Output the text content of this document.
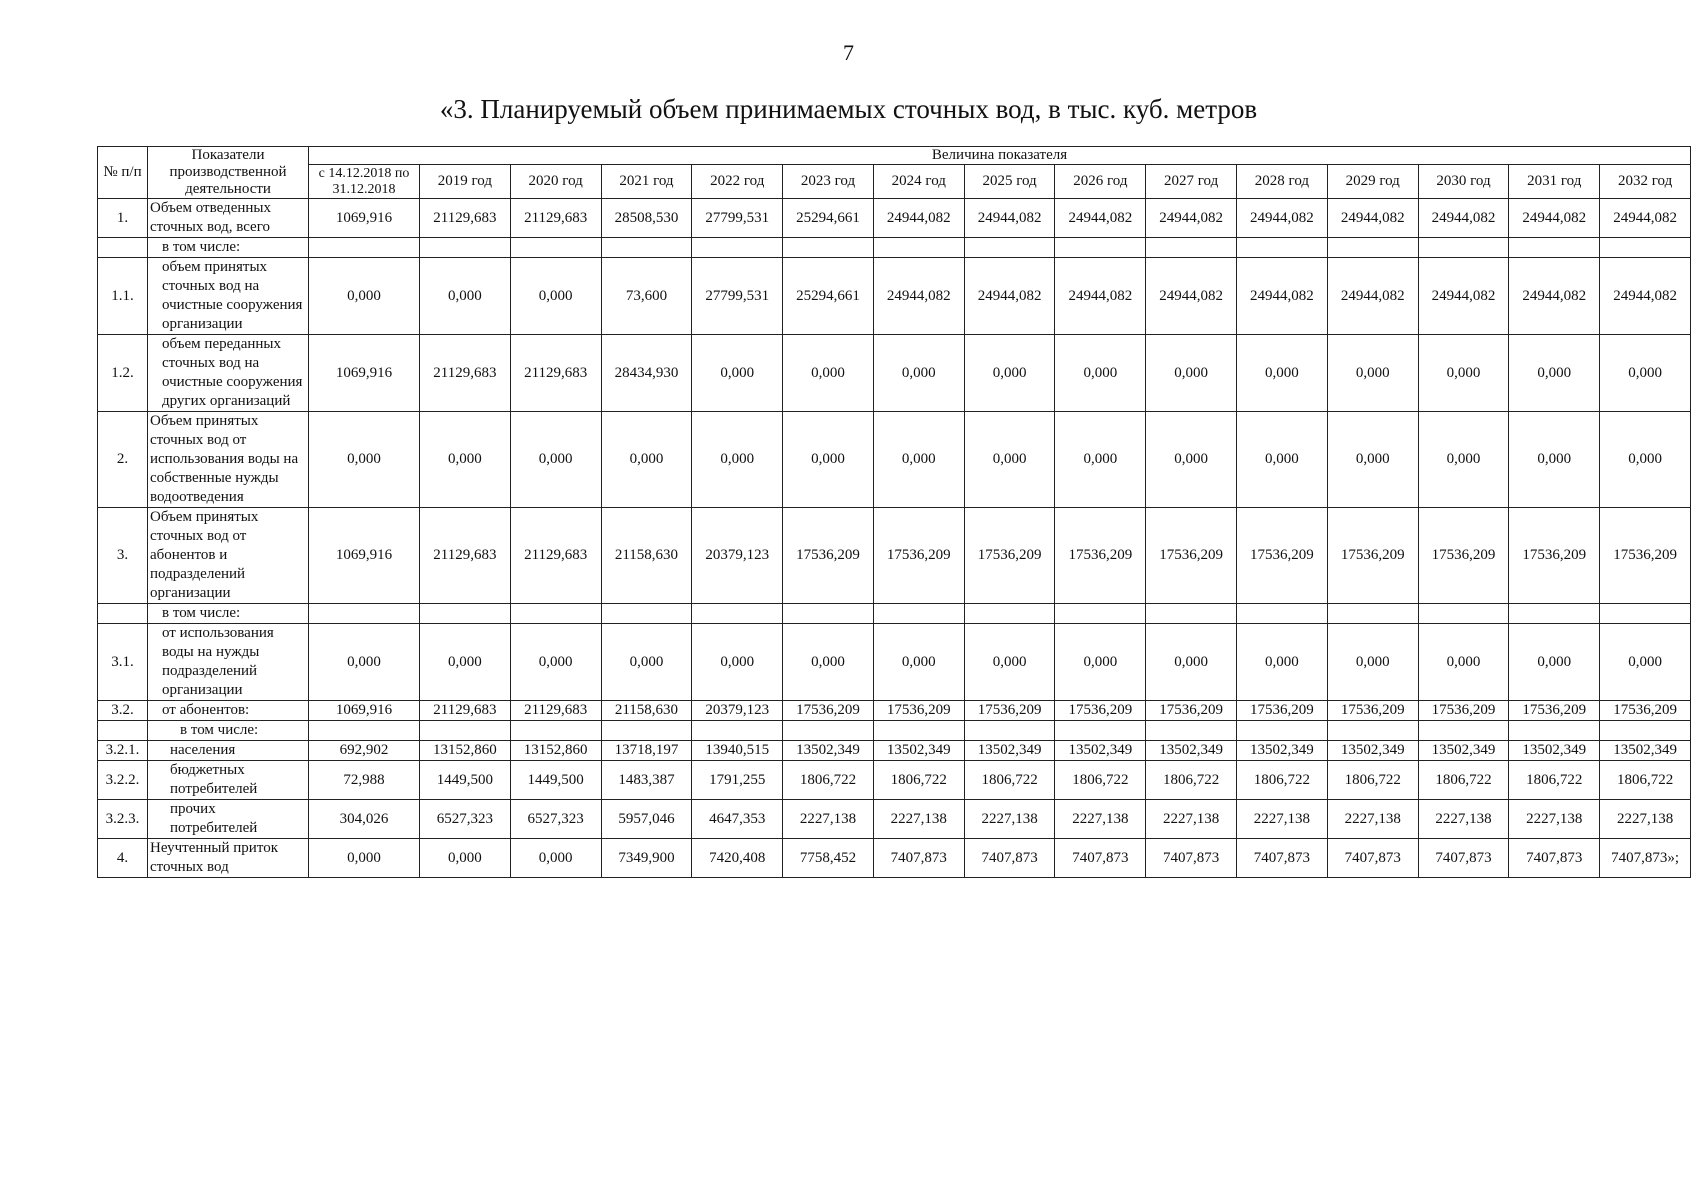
7
«3. Планируемый объем принимаемых сточных вод, в тыс. куб. метров
№ п/п	Показатели производственной деятельности	Величина показателя														
		с 14.12.2018 по 31.12.2018	2019 год	2020 год	2021 год	2022 год	2023 год	2024 год	2025 год	2026 год	2027 год	2028 год	2029 год	2030 год	2031 год	2032 год
1.	Объем отведенных сточных вод, всего	1069,916	21129,683	21129,683	28508,530	27799,531	25294,661	24944,082	24944,082	24944,082	24944,082	24944,082	24944,082	24944,082	24944,082	24944,082
	в том числе:															
1.1.	объем принятых сточных вод на очистные сооружения организации	0,000	0,000	0,000	73,600	27799,531	25294,661	24944,082	24944,082	24944,082	24944,082	24944,082	24944,082	24944,082	24944,082	24944,082
1.2.	объем переданных сточных вод на очистные сооружения других организаций	1069,916	21129,683	21129,683	28434,930	0,000	0,000	0,000	0,000	0,000	0,000	0,000	0,000	0,000	0,000	0,000
2.	Объем принятых сточных вод от использования воды на собственные нужды водоотведения	0,000	0,000	0,000	0,000	0,000	0,000	0,000	0,000	0,000	0,000	0,000	0,000	0,000	0,000	0,000
3.	Объем принятых сточных вод от абонентов и подразделений организации	1069,916	21129,683	21129,683	21158,630	20379,123	17536,209	17536,209	17536,209	17536,209	17536,209	17536,209	17536,209	17536,209	17536,209	17536,209
	в том числе:															
3.1.	от использования воды на нужды подразделений организации	0,000	0,000	0,000	0,000	0,000	0,000	0,000	0,000	0,000	0,000	0,000	0,000	0,000	0,000	0,000
3.2.	от абонентов:	1069,916	21129,683	21129,683	21158,630	20379,123	17536,209	17536,209	17536,209	17536,209	17536,209	17536,209	17536,209	17536,209	17536,209	17536,209
	в том числе:															
3.2.1.	населения	692,902	13152,860	13152,860	13718,197	13940,515	13502,349	13502,349	13502,349	13502,349	13502,349	13502,349	13502,349	13502,349	13502,349	13502,349
3.2.2.	бюджетных потребителей	72,988	1449,500	1449,500	1483,387	1791,255	1806,722	1806,722	1806,722	1806,722	1806,722	1806,722	1806,722	1806,722	1806,722	1806,722
3.2.3.	прочих потребителей	304,026	6527,323	6527,323	5957,046	4647,353	2227,138	2227,138	2227,138	2227,138	2227,138	2227,138	2227,138	2227,138	2227,138	2227,138
4.	Неучтенный приток сточных вод	0,000	0,000	0,000	7349,900	7420,408	7758,452	7407,873	7407,873	7407,873	7407,873	7407,873	7407,873	7407,873	7407,873	7407,873»;
